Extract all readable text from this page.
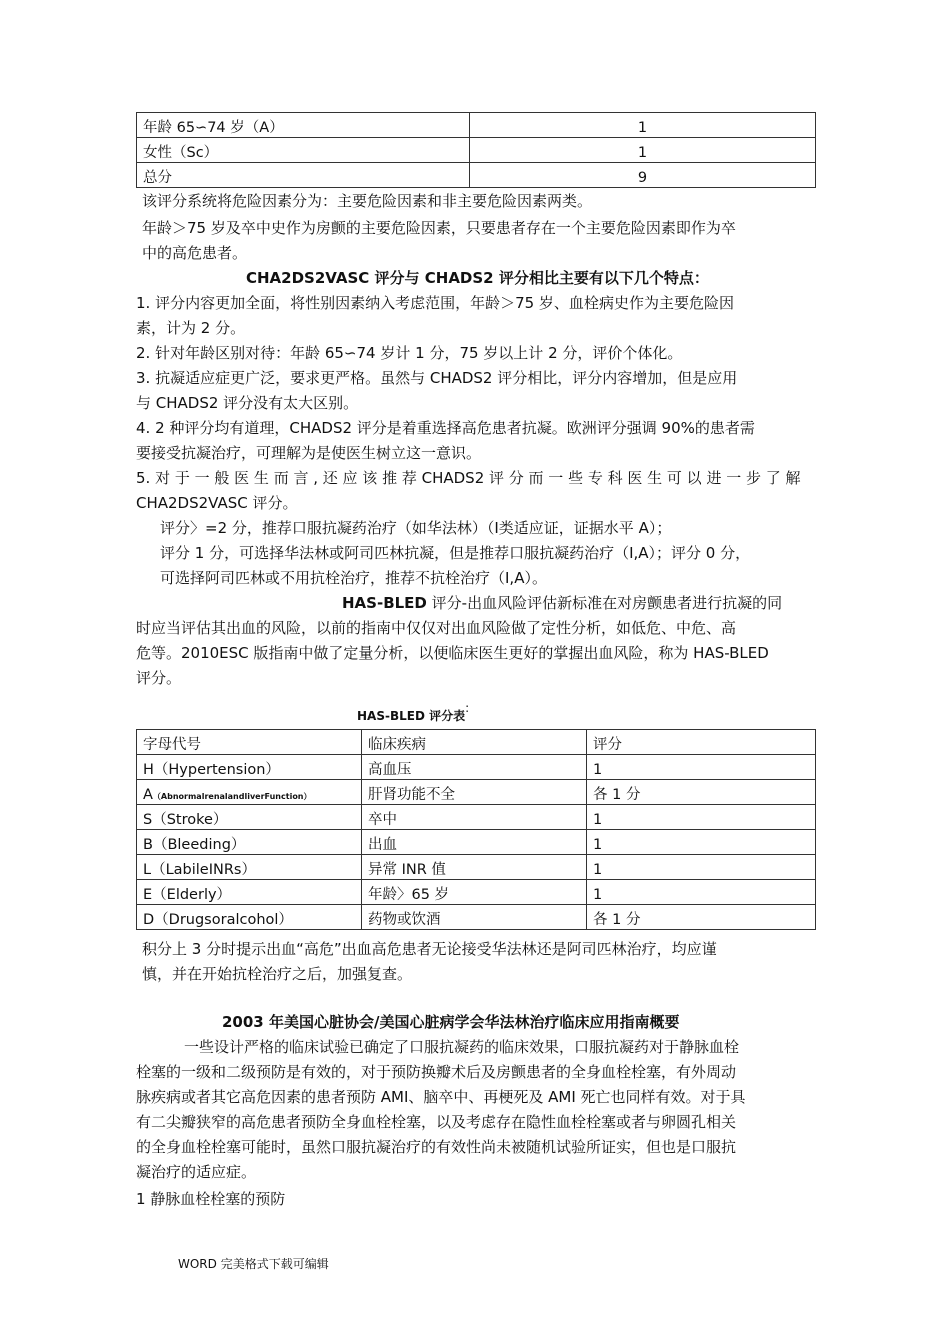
年龄 65∽74 岁（A）	1
女性（Sc）	1
总分	9

该评分系统将危险因素分为：主要危险因素和非主要危险因素两类。

年龄＞75 岁及卒中史作为房颤的主要危险因素，只要患者存在一个主要危险因素即作为卒

中的高危患者。

CHA2DS2VASC 评分与 CHADS2 评分相比主要有以下几个特点：

1. 评分内容更加全面，将性别因素纳入考虑范围，年龄＞75 岁、血栓病史作为主要危险因

素，计为 2 分。

2. 针对年龄区别对待：年龄 65∽74 岁计 1 分，75 岁以上计 2 分，评价个体化。

3. 抗凝适应症更广泛，要求更严格。虽然与 CHADS2 评分相比，评分内容增加，但是应用

与 CHADS2 评分没有太大区别。

4. 2 种评分均有道理，CHADS2 评分是着重选择高危患者抗凝。欧洲评分强调 90%的患者需

要接受抗凝治疗，可理解为是使医生树立这一意识。

5. 对 于 一 般 医 生 而 言 , 还 应 该 推 荐 CHADS2 评 分 而 一 些 专 科 医 生 可 以 进 一 步 了 解

CHA2DS2VASC 评分。

评分〉=2 分，推荐口服抗凝药治疗（如华法林）（Ⅰ类适应证，证据水平 A）；

评分 1 分，可选择华法林或阿司匹林抗凝，但是推荐口服抗凝药治疗（Ⅰ,A）；评分 0 分，

可选择阿司匹林或不用抗栓治疗，推荐不抗栓治疗（Ⅰ,A）。

HAS-BLED 评分-出血风险评估新标准在对房颤患者进行抗凝的同

时应当评估其出血的风险，以前的指南中仅仅对出血风险做了定性分析，如低危、中危、高

危等。2010ESC 版指南中做了定量分析，以便临床医生更好的掌握出血风险，称为 HAS-BLED

评分。

HAS-BLED 评分表:

字母代号	临床疾病	评分
H（Hypertension）	高血压	1
A（AbnormalrenalandliverFunction）	肝肾功能不全	各 1 分
S（Stroke）	卒中	1
B（Bleeding）	出血	1
L（LabileINRs）	异常 INR 值	1
E（Elderly）	年龄〉65 岁	1
D（Drugsoralcohol）	药物或饮酒	各 1 分

积分上 3 分时提示出血“高危”出血高危患者无论接受华法林还是阿司匹林治疗，均应谨

慎，并在开始抗栓治疗之后，加强复查。

2003 年美国心脏协会/美国心脏病学会华法林治疗临床应用指南概要

一些设计严格的临床试验已确定了口服抗凝药的临床效果，口服抗凝药对于静脉血栓

栓塞的一级和二级预防是有效的，对于预防换瓣术后及房颤患者的全身血栓栓塞，有外周动

脉疾病或者其它高危因素的患者预防 AMI、脑卒中、再梗死及 AMI 死亡也同样有效。对于具

有二尖瓣狭窄的高危患者预防全身血栓栓塞，以及考虑存在隐性血栓栓塞或者与卵圆孔相关

的全身血栓栓塞可能时，虽然口服抗凝治疗的有效性尚未被随机试验所证实，但也是口服抗

凝治疗的适应症。

1 静脉血栓栓塞的预防

WORD 完美格式下载可编辑
